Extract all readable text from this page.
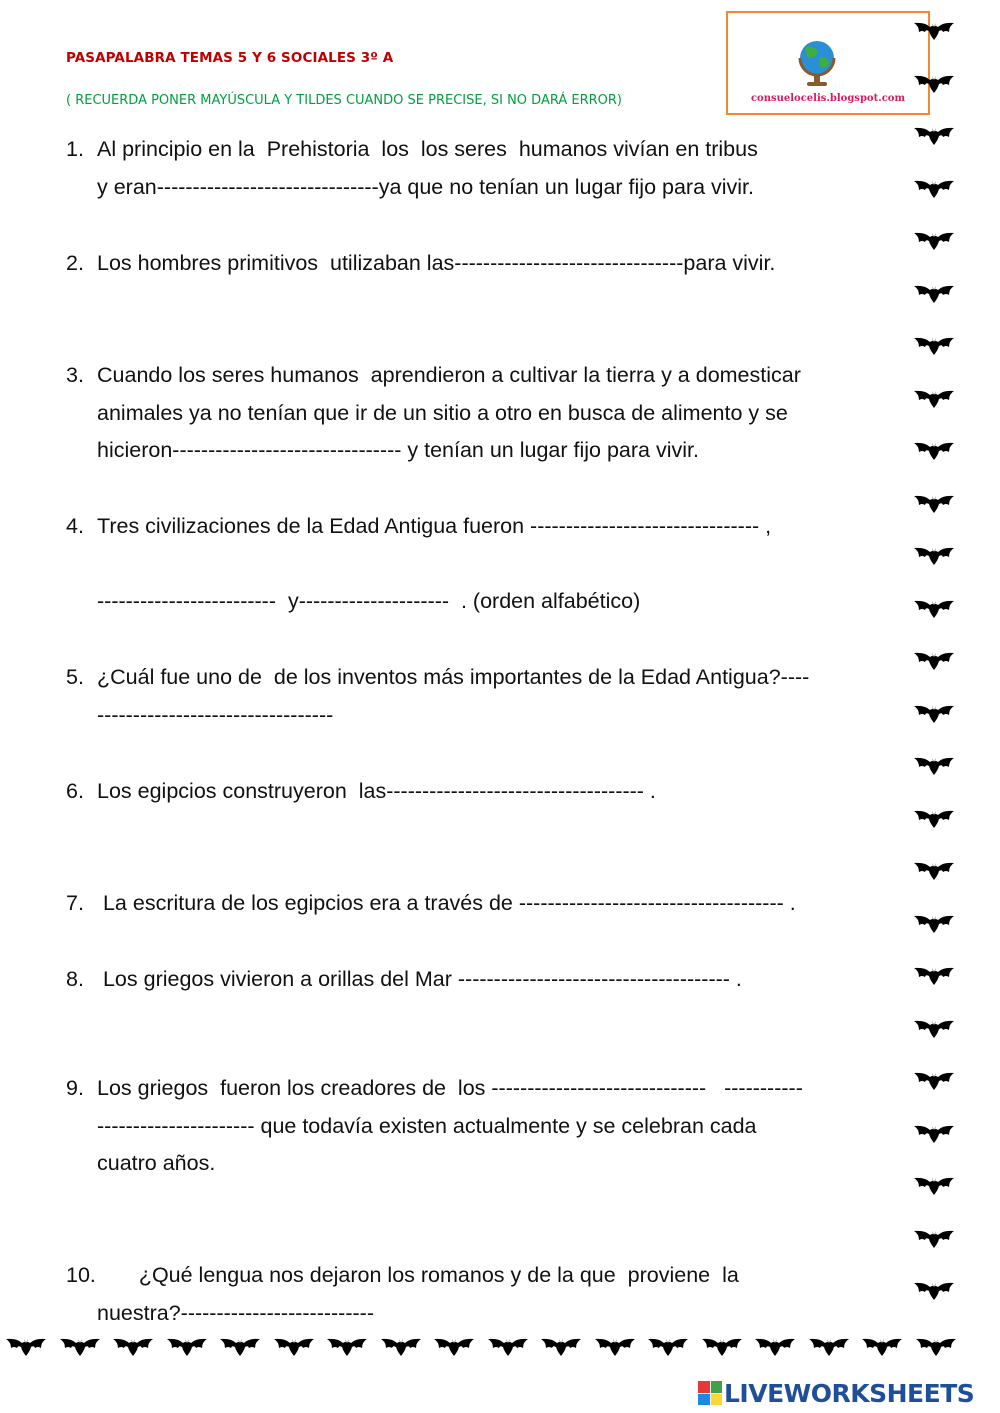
PASAPALABRA TEMAS 5 Y 6 SOCIALES 3º A
( RECUERDA PONER MAYÚSCULA Y TILDES CUANDO SE PRECISE, SI NO DARÁ ERROR)	consuelocelis.blogspot.com
1. Al principio en la  Prehistoria  los  los seres  humanos vivían en tribus
y eran-------------------------------ya que no tenían un lugar fijo para vivir.
2. Los hombres primitivos  utilizaban las--------------------------------para vivir.
3. Cuando los seres humanos  aprendieron a cultivar la tierra y a domesticar
animales ya no tenían que ir de un sitio a otro en busca de alimento y se
hicieron-------------------------------- y tenían un lugar fijo para vivir.
4. Tres civilizaciones de la Edad Antigua fueron -------------------------------- ,

-------------------------  y---------------------  . (orden alfabético)
5. ¿Cuál fue uno de  de los inventos más importantes de la Edad Antigua?----
---------------------------------
6. Los egipcios construyeron  las------------------------------------ .
7. La escritura de los egipcios era a través de ------------------------------------- .
8. Los griegos vivieron a orillas del Mar -------------------------------------- .
9. Los griegos  fueron los creadores de  los ------------------------------   -----------
---------------------- que todavía existen actualmente y se celebran cada
cuatro años.
10.	¿Qué lengua nos dejaron los romanos y de la que  proviene  la
nuestra?---------------------------
LIVEWORKSHEETS
